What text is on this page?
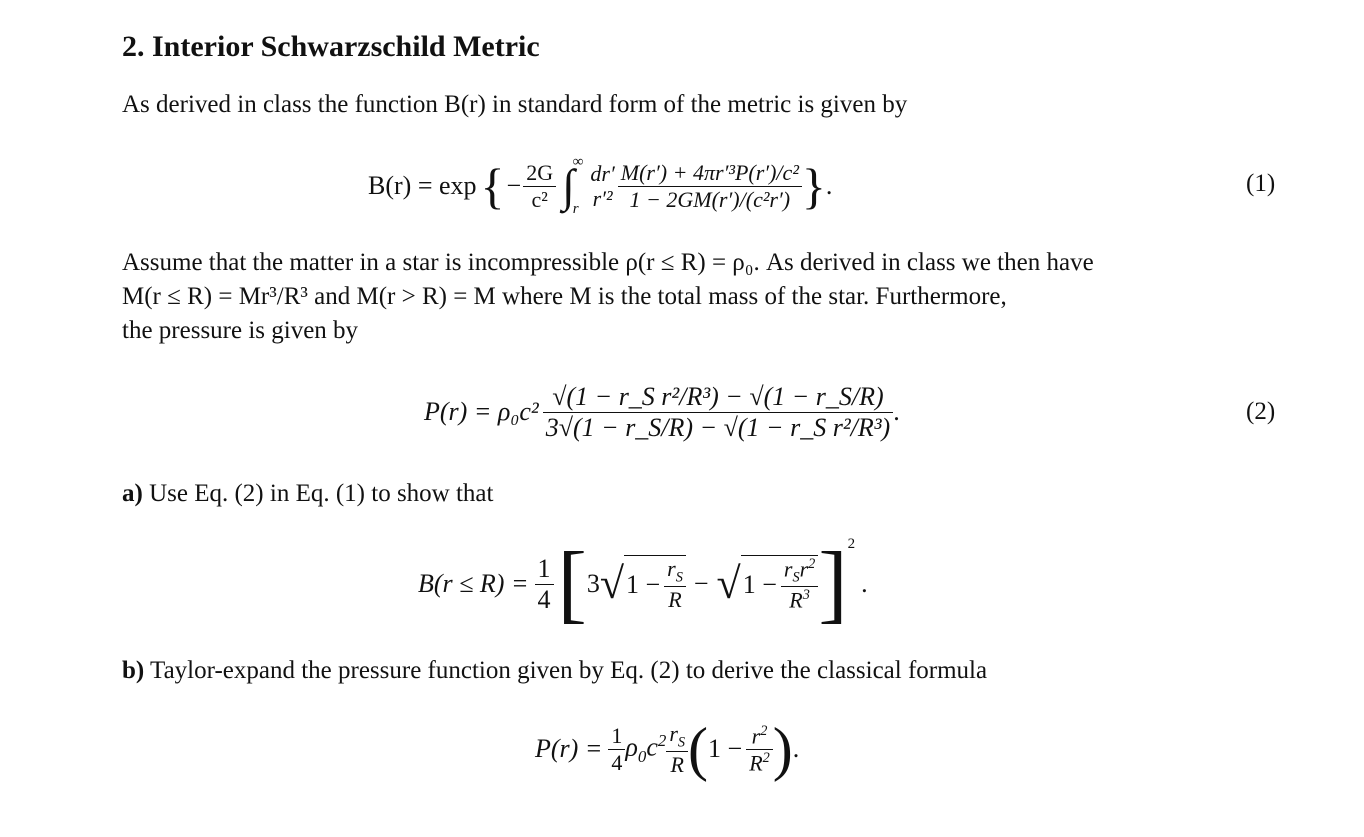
2. Interior Schwarzschild Metric
As derived in class the function B(r) in standard form of the metric is given by
B(r) = exp { − $\frac{2G}{\text{c²}}$ ∫
∞
r
dr′
$r'^2 \frac{\text{M(r′) + 4πr′³P(r′)/c²}}{\text{1 − 2GM(r′)/(c²r′)}}$ } .	(1)
Assume that the matter in a star is incompressible ρ(r ≤ R) = ρ₀. As derived in class we then have
M(r ≤ R) = Mr³/R³ and M(r > R) = M where M is the total mass of the star. Furthermore,
the pressure is given by
$P(r) = \rho_0c^2 \frac{\text{√(1 − r\_S r²/R³) − √(1 − r\_S/R)}}{\text{3√(1 − r\_S/R) − √(1 − r\_S r²/R³)}}$ .	(2)
a) Use Eq. (2) in Eq. (1) to show that
$B(r \le R) = \frac{1}{4}$ [ 3 √ $1 - \frac{r_S}{R}$ − √ $1 - \frac{r_Sr^2}{R^3}$ ] 2
.
b) Taylor-expand the pressure function given by Eq. (2) to derive the classical formula
$P(r) = \frac{1}{4} \rho_0c^2 \frac{r_S}{R}$ ( $1 - \frac{r^2}{R^2}$ ) .
